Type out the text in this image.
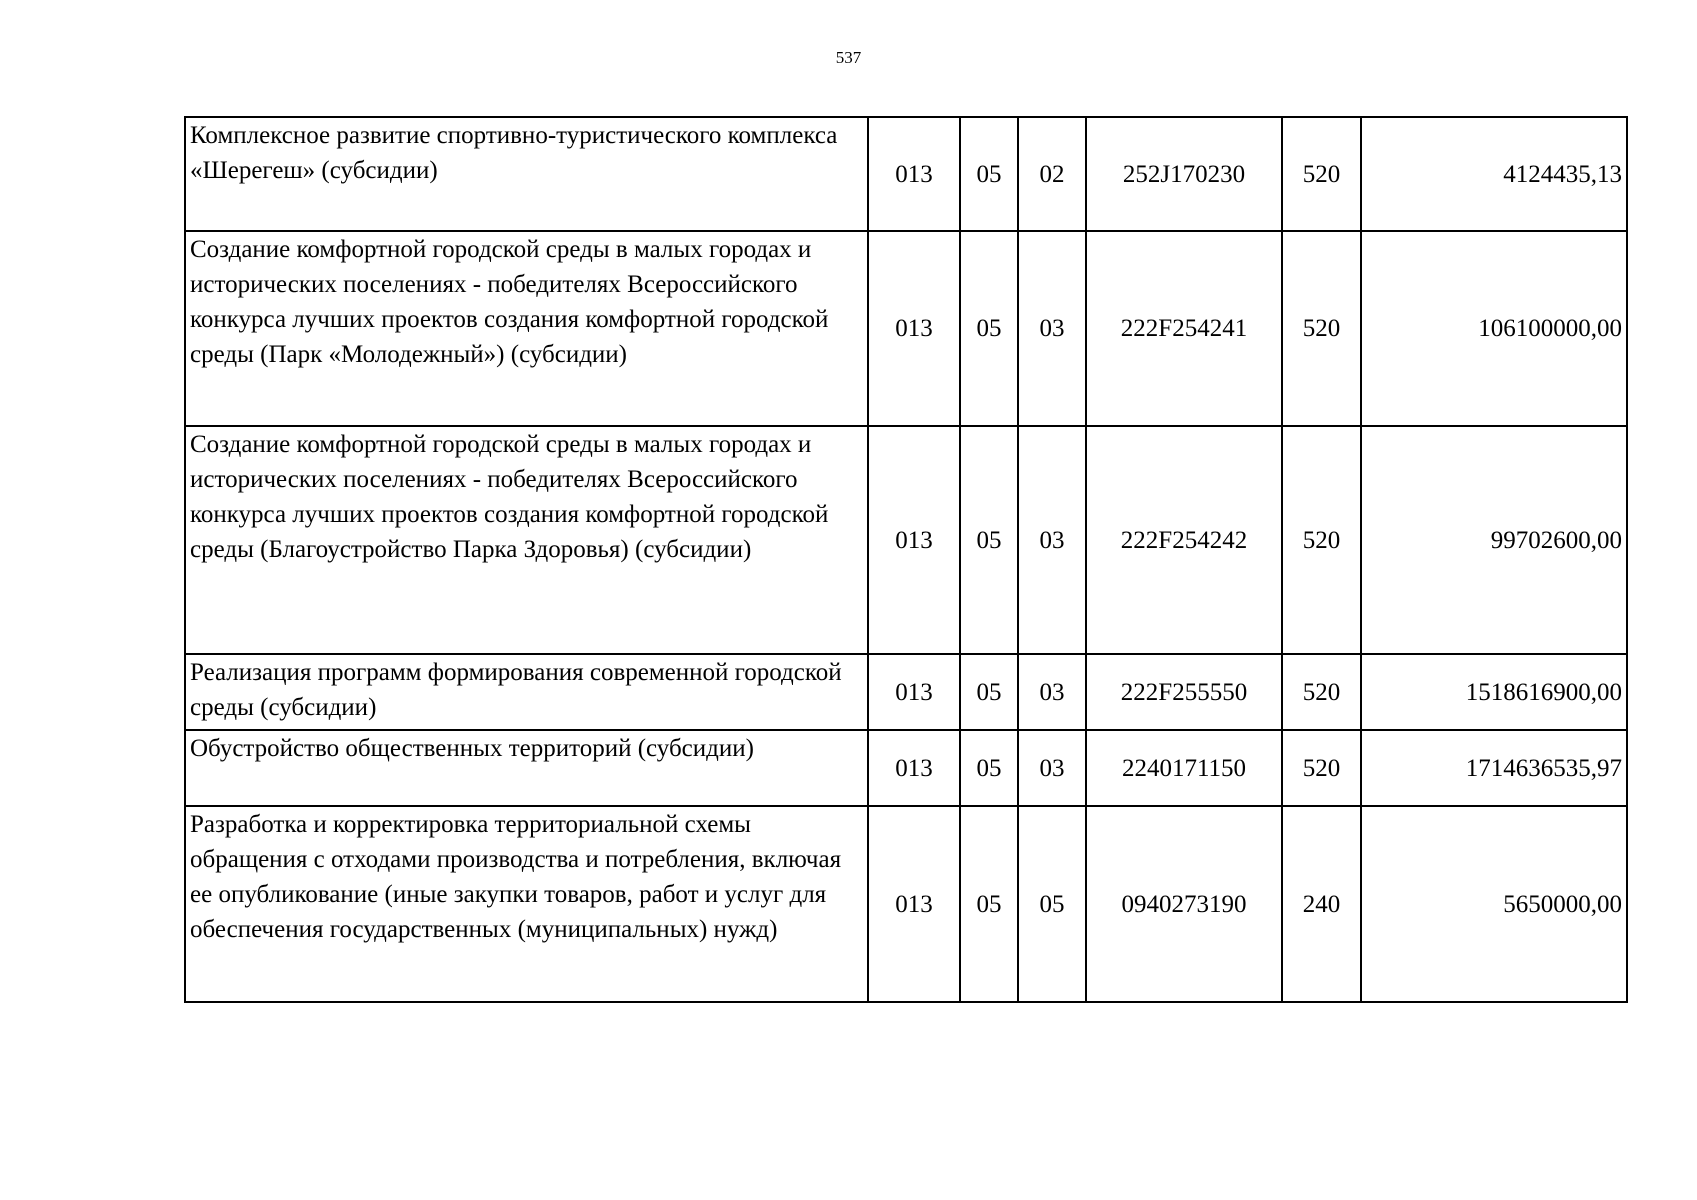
537
Комплексное развитие спортивно-туристического комплекса «Шерегеш» (субсидии)	013	05	02	252J170230	520	4124435,13
Создание комфортной городской среды в малых городах и исторических поселениях - победителях Всероссийского конкурса лучших проектов создания комфортной городской среды (Парк «Молодежный») (субсидии)	013	05	03	222F254241	520	106100000,00
Создание комфортной городской среды в малых городах и исторических поселениях - победителях Всероссийского конкурса лучших проектов создания комфортной городской среды (Благоустройство Парка Здоровья) (субсидии)	013	05	03	222F254242	520	99702600,00
Реализация программ формирования современной городской среды (субсидии)	013	05	03	222F255550	520	1518616900,00
Обустройство общественных территорий (субсидии)	013	05	03	2240171150	520	1714636535,97
Разработка и корректировка территориальной схемы обращения с отходами производства и потребления, включая ее опубликование (иные закупки товаров, работ и услуг для обеспечения государственных (муниципальных) нужд)	013	05	05	0940273190	240	5650000,00
